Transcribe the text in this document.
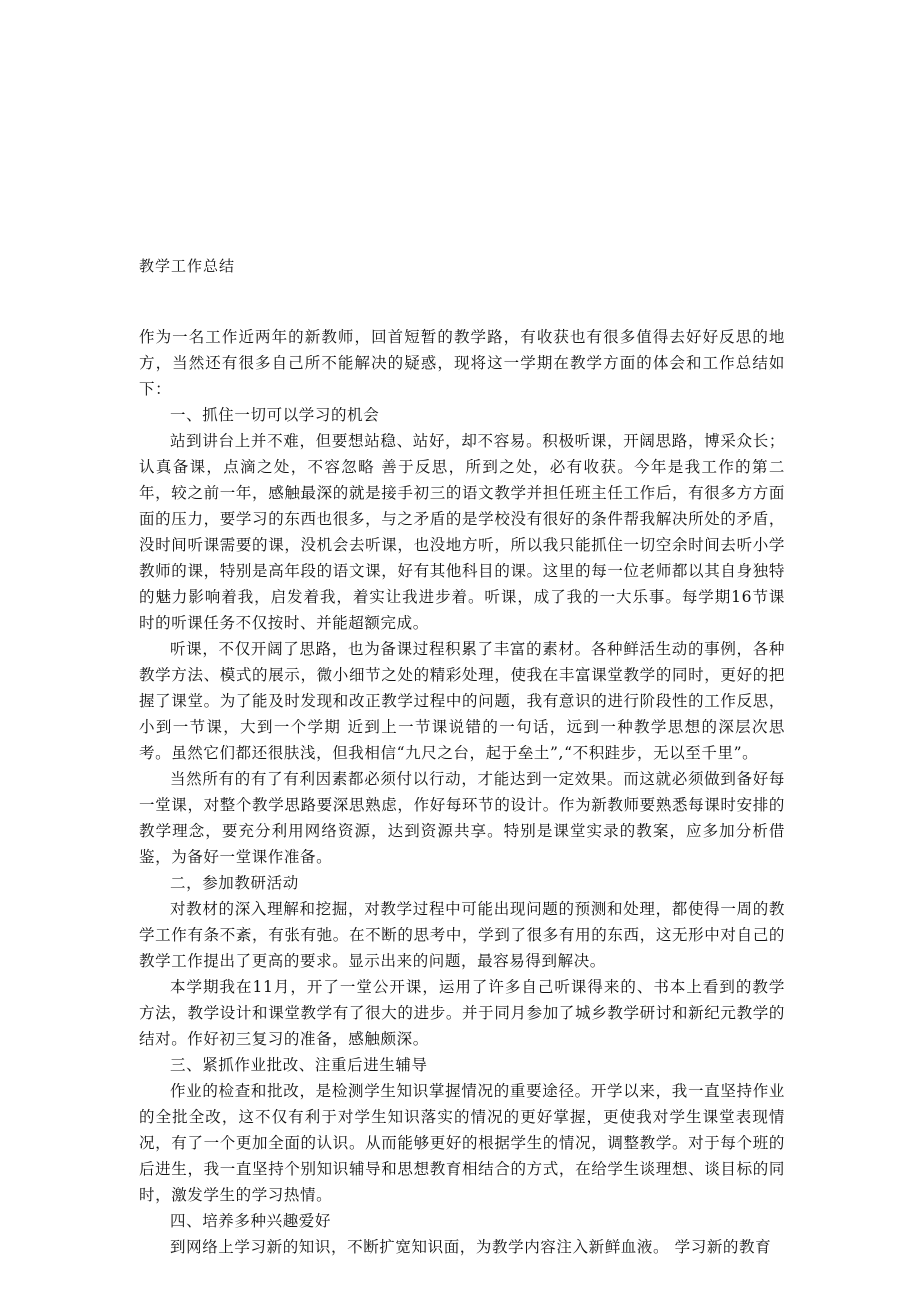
教学工作总结

作为一名工作近两年的新教师，回首短暂的教学路，有收获也有很多值得去好好反思的地方，当然还有很多自己所不能解决的疑惑，现将这一学期在教学方面的体会和工作总结如下：

一、抓住一切可以学习的机会

站到讲台上并不难，但要想站稳、站好，却不容易。积极听课，开阔思路，博采众长；认真备课，点滴之处，不容忽略 善于反思，所到之处，必有收获。今年是我工作的第二年，较之前一年，感触最深的就是接手初三的语文教学并担任班主任工作后，有很多方方面面的压力，要学习的东西也很多，与之矛盾的是学校没有很好的条件帮我解决所处的矛盾，没时间听课需要的课，没机会去听课，也没地方听，所以我只能抓住一切空余时间去听小学教师的课，特别是高年段的语文课，好有其他科目的课。这里的每一位老师都以其自身独特的魅力影响着我，启发着我，着实让我进步着。听课，成了我的一大乐事。每学期16节课时的听课任务不仅按时、并能超额完成。

听课，不仅开阔了思路，也为备课过程积累了丰富的素材。各种鲜活生动的事例，各种教学方法、模式的展示，微小细节之处的精彩处理，使我在丰富课堂教学的同时，更好的把握了课堂。为了能及时发现和改正教学过程中的问题，我有意识的进行阶段性的工作反思，小到一节课，大到一个学期 近到上一节课说错的一句话，远到一种教学思想的深层次思考。虽然它们都还很肤浅，但我相信“九尺之台，起于垒土”,“不积跬步，无以至千里”。

当然所有的有了有利因素都必须付以行动，才能达到一定效果。而这就必须做到备好每一堂课，对整个教学思路要深思熟虑，作好每环节的设计。作为新教师要熟悉每课时安排的教学理念，要充分利用网络资源，达到资源共享。特别是课堂实录的教案，应多加分析借鉴，为备好一堂课作准备。

二，参加教研活动

对教材的深入理解和挖掘，对教学过程中可能出现问题的预测和处理，都使得一周的教学工作有条不紊，有张有弛。在不断的思考中，学到了很多有用的东西，这无形中对自己的教学工作提出了更高的要求。显示出来的问题，最容易得到解决。

本学期我在11月，开了一堂公开课，运用了许多自己听课得来的、书本上看到的教学方法，教学设计和课堂教学有了很大的进步。并于同月参加了城乡教学研讨和新纪元教学的结对。作好初三复习的准备，感触颇深。

三、紧抓作业批改、注重后进生辅导

作业的检查和批改，是检测学生知识掌握情况的重要途径。开学以来，我一直坚持作业的全批全改，这不仅有利于对学生知识落实的情况的更好掌握，更使我对学生课堂表现情况，有了一个更加全面的认识。从而能够更好的根据学生的情况，调整教学。对于每个班的后进生，我一直坚持个别知识辅导和思想教育相结合的方式，在给学生谈理想、谈目标的同时，激发学生的学习热情。

四、培养多种兴趣爱好

到网络上学习新的知识，不断扩宽知识面，为教学内容注入新鲜血液。 学习新的教育
